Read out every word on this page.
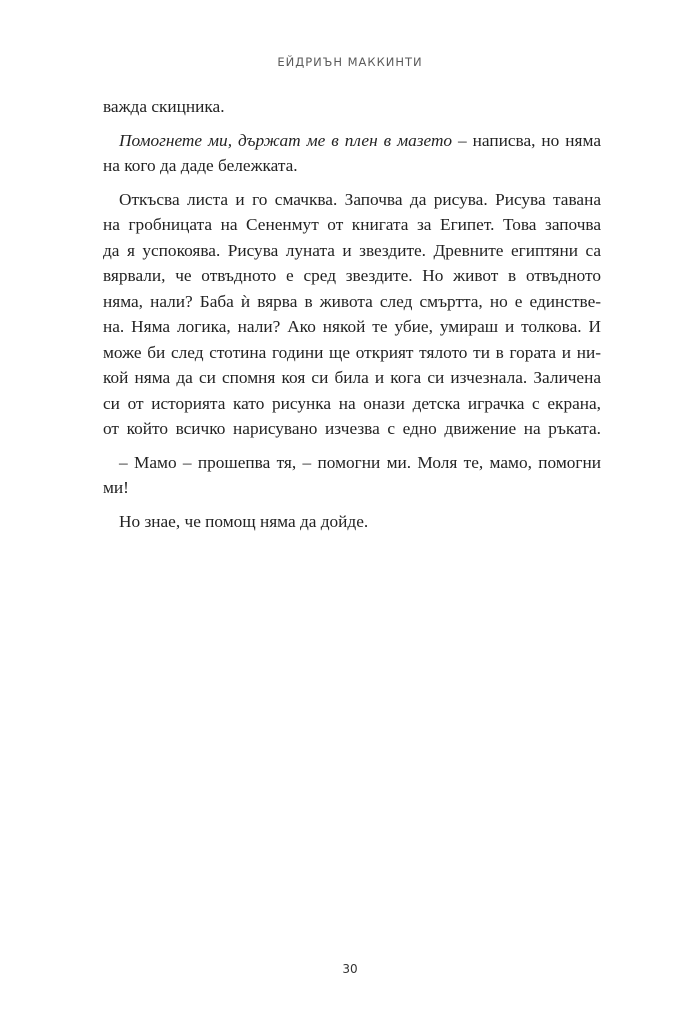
ЕЙДРИЪН МАККИНТИ
важда скицника.
Помогнете ми, държат ме в плен в мазето – написва, но няма
на кого да даде бележката.
Откъсва листа и го смачква. Започва да рисува. Рисува тавана
на гробницата на Сененмут от книгата за Египет. Това започва
да я успокоява. Рисува луната и звездите. Древните египтяни са
вярвали, че отвъдното е сред звездите. Но живот в отвъдното
няма, нали? Баба ѝ вярва в живота след смъртта, но е единстве-
на. Няма логика, нали? Ако някой те убие, умираш и толкова. И
може би след стотина години ще открият тялото ти в гората и ни-
кой няма да си спомня коя си била и кога си изчезнала. Заличена
си от историята като рисунка на онази детска играчка с екрана,
от който всичко нарисувано изчезва с едно движение на ръката.
– Мамо – прошепва тя, – помогни ми. Моля те, мамо, помогни
ми!
Но знае, че помощ няма да дойде.
30
